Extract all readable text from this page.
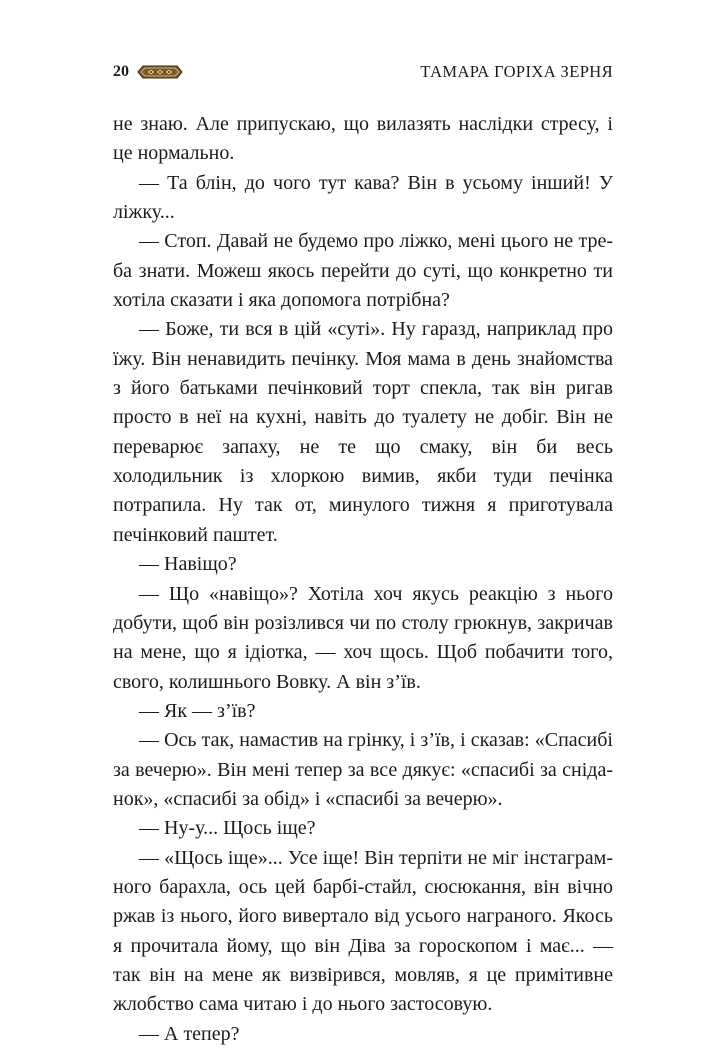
20	ТАМАРА ГОРІХА ЗЕРНЯ

не знаю. Але припускаю, що вилазять наслідки стресу, і це нормально.

— Та блін, до чого тут кава? Він в усьому інший! У ліжку...

— Стоп. Давай не будемо про ліжко, мені цього не треба знати. Можеш якось перейти до суті, що конкретно ти хотіла сказати і яка допомога потрібна?

— Боже, ти вся в цій «суті». Ну гаразд, наприклад про їжу. Він ненавидить печінку. Моя мама в день знайомства з його батьками печінковий торт спекла, так він ригав просто в неї на кухні, навіть до туалету не добіг. Він не переварює запаху, не те що смаку, він би весь холодильник із хлоркою вимив, якби туди печінка потрапила. Ну так от, минулого тижня я приготувала печінковий паштет.

— Навіщо?

— Що «навіщо»? Хотіла хоч якусь реакцію з нього добути, щоб він розізлився чи по столу грюкнув, закричав на мене, що я ідіотка, — хоч щось. Щоб побачити того, свого, колишнього Вовку. А він з’їв.

— Як — з’їв?

— Ось так, намастив на грінку, і з’їв, і сказав: «Спасибі за вечерю». Він мені тепер за все дякує: «спасибі за сніданок», «спасибі за обід» і «спасибі за вечерю».

— Ну-у... Щось іще?

— «Щось іще»... Усе іще! Він терпіти не міг інстаграмного барахла, ось цей барбі-стайл, сюсюкання, він вічно ржав із нього, його вивертало від усього награного. Якось я прочитала йому, що він Діва за гороскопом і має... — так він на мене як визвірився, мовляв, я це примітивне жлобство сама читаю і до нього застосовую.

— А тепер?
